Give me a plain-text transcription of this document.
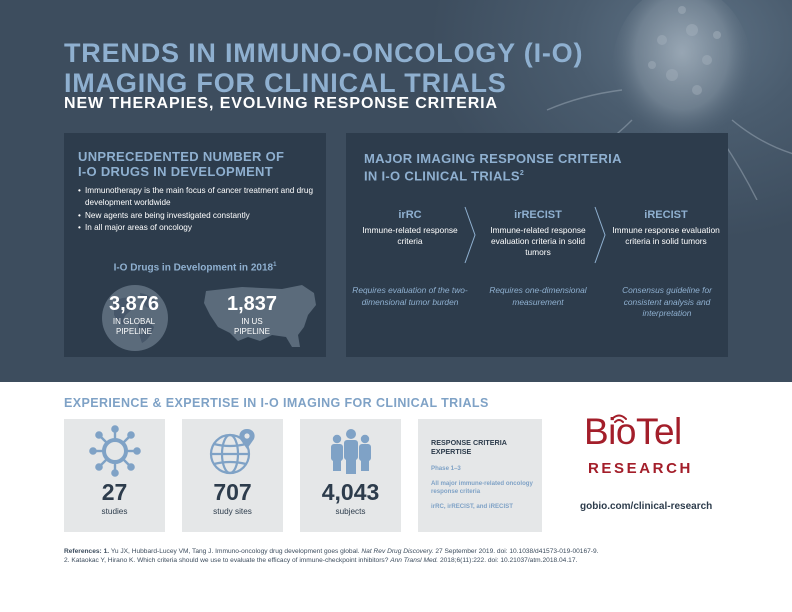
TRENDS IN IMMUNO-ONCOLOGY (I-O)
IMAGING FOR CLINICAL TRIALS
NEW THERAPIES, EVOLVING RESPONSE CRITERIA
UNPRECEDENTED NUMBER OF
I-O DRUGS IN DEVELOPMENT
• Immunotherapy is the main focus of cancer treatment and drug development worldwide
• New agents are being investigated constantly
• In all major areas of oncology
I-O Drugs in Development in 2018$^1$
3,876
IN GLOBAL
PIPELINE
1,837
IN US
PIPELINE
MAJOR IMAGING RESPONSE CRITERIA
IN I-O CLINICAL TRIALS$^2$
irRC
Immune-related response criteria
irRECIST
Immune-related response evaluation criteria in solid tumors
iRECIST
Immune response evaluation criteria in solid tumors
Requires evaluation of the two-dimensional tumor burden
Requires one-dimensional measurement
Consensus guideline for consistent analysis and interpretation
EXPERIENCE & EXPERTISE IN I-O IMAGING FOR CLINICAL TRIALS
27
studies
707
study sites
4,043
subjects
RESPONSE CRITERIA
EXPERTISE
Phase 1–3
All major immune-related oncology response criteria
irRC, irRECIST, and iRECIST
BioTel
RESEARCH
gobio.com/clinical-research
References: 1. Yu JX, Hubbard-Lucey VM, Tang J. Immuno-oncology drug development goes global. Nat Rev Drug Discovery. 27 September 2019. doi: 10.1038/d41573-019-00167-9.
2. Kataokac Y, Hirano K. Which criteria should we use to evaluate the efficacy of immune-checkpoint inhibitors? Ann Transl Med. 2018;6(11):222. doi: 10.21037/atm.2018.04.17.
